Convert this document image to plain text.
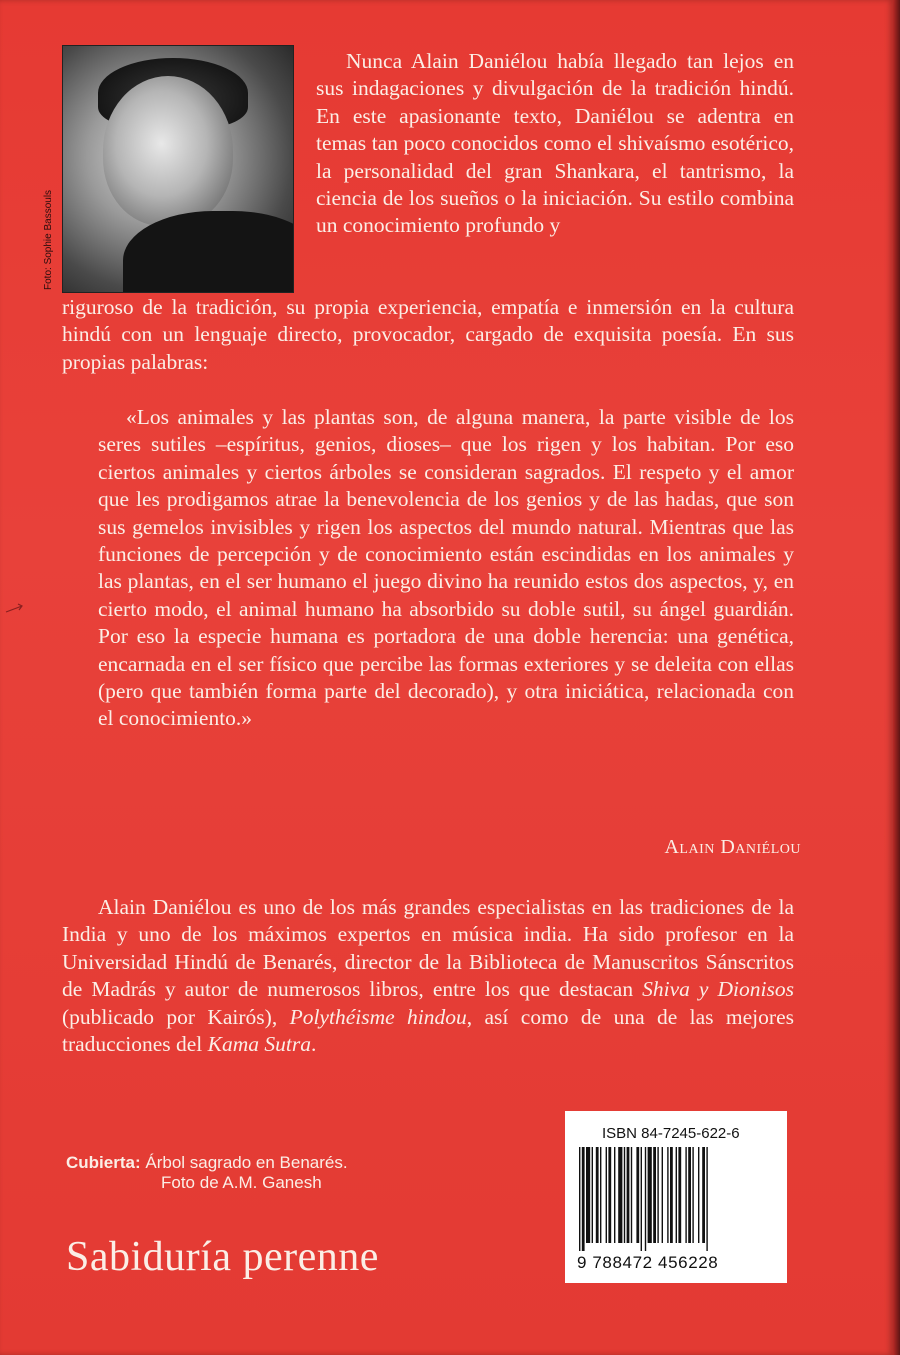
Foto: Sophie Bassouls

Nunca Alain Daniélou había llegado tan lejos en sus indagaciones y divulgación de la tradición hindú. En este apasionante texto, Daniélou se adentra en temas tan poco conocidos como el shivaísmo esotérico, la personalidad del gran Shankara, el tantrismo, la ciencia de los sueños o la iniciación. Su estilo combina un conocimiento profundo y

riguroso de la tradición, su propia experiencia, empatía e inmersión en la cultura hindú con un lenguaje directo, provocador, cargado de exquisita poesía. En sus propias palabras:

«Los animales y las plantas son, de alguna manera, la parte visible de los seres sutiles –espíritus, genios, dioses– que los rigen y los habitan. Por eso ciertos animales y ciertos árboles se consideran sagrados. El respeto y el amor que les prodigamos atrae la benevolencia de los genios y de las hadas, que son sus gemelos invisibles y rigen los aspectos del mundo natural. Mientras que las funciones de percepción y de conocimiento están escindidas en los animales y las plantas, en el ser humano el juego divino ha reunido estos dos aspectos, y, en cierto modo, el animal humano ha absorbido su doble sutil, su ángel guardián. Por eso la especie humana es portadora de una doble herencia: una genética, encarnada en el ser físico que percibe las formas exteriores y se deleita con ellas (pero que también forma parte del decorado), y otra iniciática, relacionada con el conocimiento.»

Alain Daniélou

Alain Daniélou es uno de los más grandes especialistas en las tradiciones de la India y uno de los máximos expertos en música india. Ha sido profesor en la Universidad Hindú de Benarés, director de la Biblioteca de Manuscritos Sánscritos de Madrás y autor de numerosos libros, entre los que destacan Shiva y Dionisos (publicado por Kairós), Polythéisme hindou, así como de una de las mejores traducciones del Kama Sutra.

Cubierta: Árbol sagrado en Benarés.
Foto de A.M. Ganesh
Sabiduría perenne
ISBN 84-7245-622-6
9 788472 456228
